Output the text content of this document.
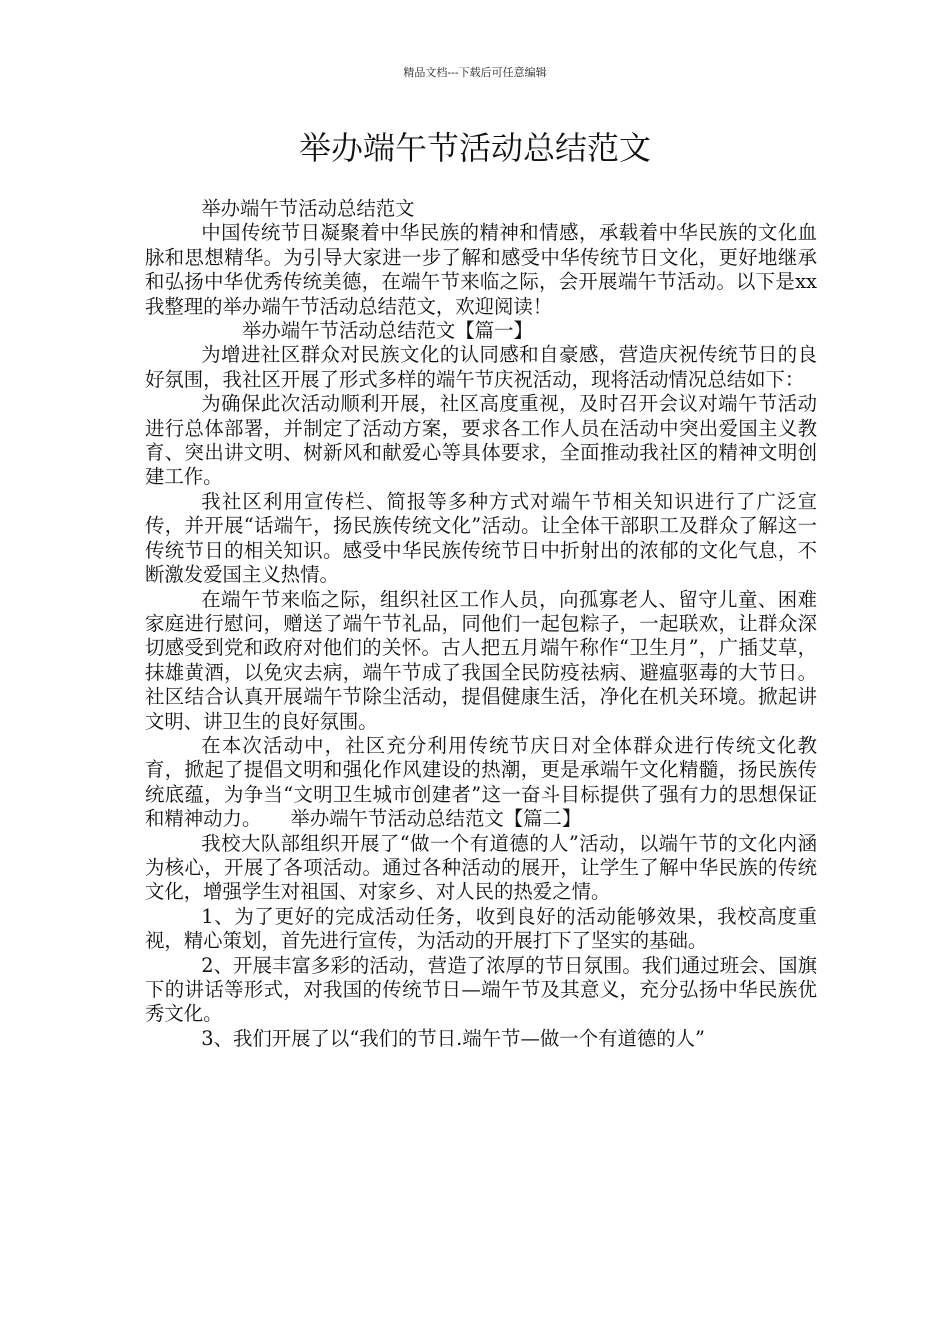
精品文档---下载后可任意编辑
举办端午节活动总结范文

举办端午节活动总结范文

中国传统节日凝聚着中华民族的精神和情感，承载着中华民族的文化血脉和思想精华。为引导大家进一步了解和感受中华传统节日文化，更好地继承和弘扬中华优秀传统美德，在端午节来临之际，会开展端午节活动。以下是xx我整理的举办端午节活动总结范文，欢迎阅读！

举办端午节活动总结范文【篇一】

为增进社区群众对民族文化的认同感和自豪感，营造庆祝传统节日的良好氛围，我社区开展了形式多样的端午节庆祝活动，现将活动情况总结如下：

为确保此次活动顺利开展，社区高度重视，及时召开会议对端午节活动进行总体部署，并制定了活动方案，要求各工作人员在活动中突出爱国主义教育、突出讲文明、树新风和献爱心等具体要求，全面推动我社区的精神文明创建工作。

我社区利用宣传栏、简报等多种方式对端午节相关知识进行了广泛宣传，并开展“话端午，扬民族传统文化”活动。让全体干部职工及群众了解这一传统节日的相关知识。感受中华民族传统节日中折射出的浓郁的文化气息，不断激发爱国主义热情。

在端午节来临之际，组织社区工作人员，向孤寡老人、留守儿童、困难家庭进行慰问，赠送了端午节礼品，同他们一起包粽子，一起联欢，让群众深切感受到党和政府对他们的关怀。古人把五月端午称作“卫生月”，广插艾草，抹雄黄酒，以免灾去病，端午节成了我国全民防疫祛病、避瘟驱毒的大节日。社区结合认真开展端午节除尘活动，提倡健康生活，净化在机关环境。掀起讲文明、讲卫生的良好氛围。

在本次活动中，社区充分利用传统节庆日对全体群众进行传统文化教育，掀起了提倡文明和强化作风建设的热潮，更是承端午文化精髓，扬民族传统底蕴，为争当“文明卫生城市创建者”这一奋斗目标提供了强有力的思想保证和精神动力。　　举办端午节活动总结范文【篇二】

我校大队部组织开展了“做一个有道德的人”活动，以端午节的文化内涵为核心，开展了各项活动。通过各种活动的展开，让学生了解中华民族的传统文化，增强学生对祖国、对家乡、对人民的热爱之情。

1、为了更好的完成活动任务，收到良好的活动能够效果，我校高度重视，精心策划，首先进行宣传，为活动的开展打下了坚实的基础。

2、开展丰富多彩的活动，营造了浓厚的节日氛围。我们通过班会、国旗下的讲话等形式，对我国的传统节日—端午节及其意义，充分弘扬中华民族优秀文化。

3、我们开展了以“我们的节日.端午节—做一个有道德的人”
